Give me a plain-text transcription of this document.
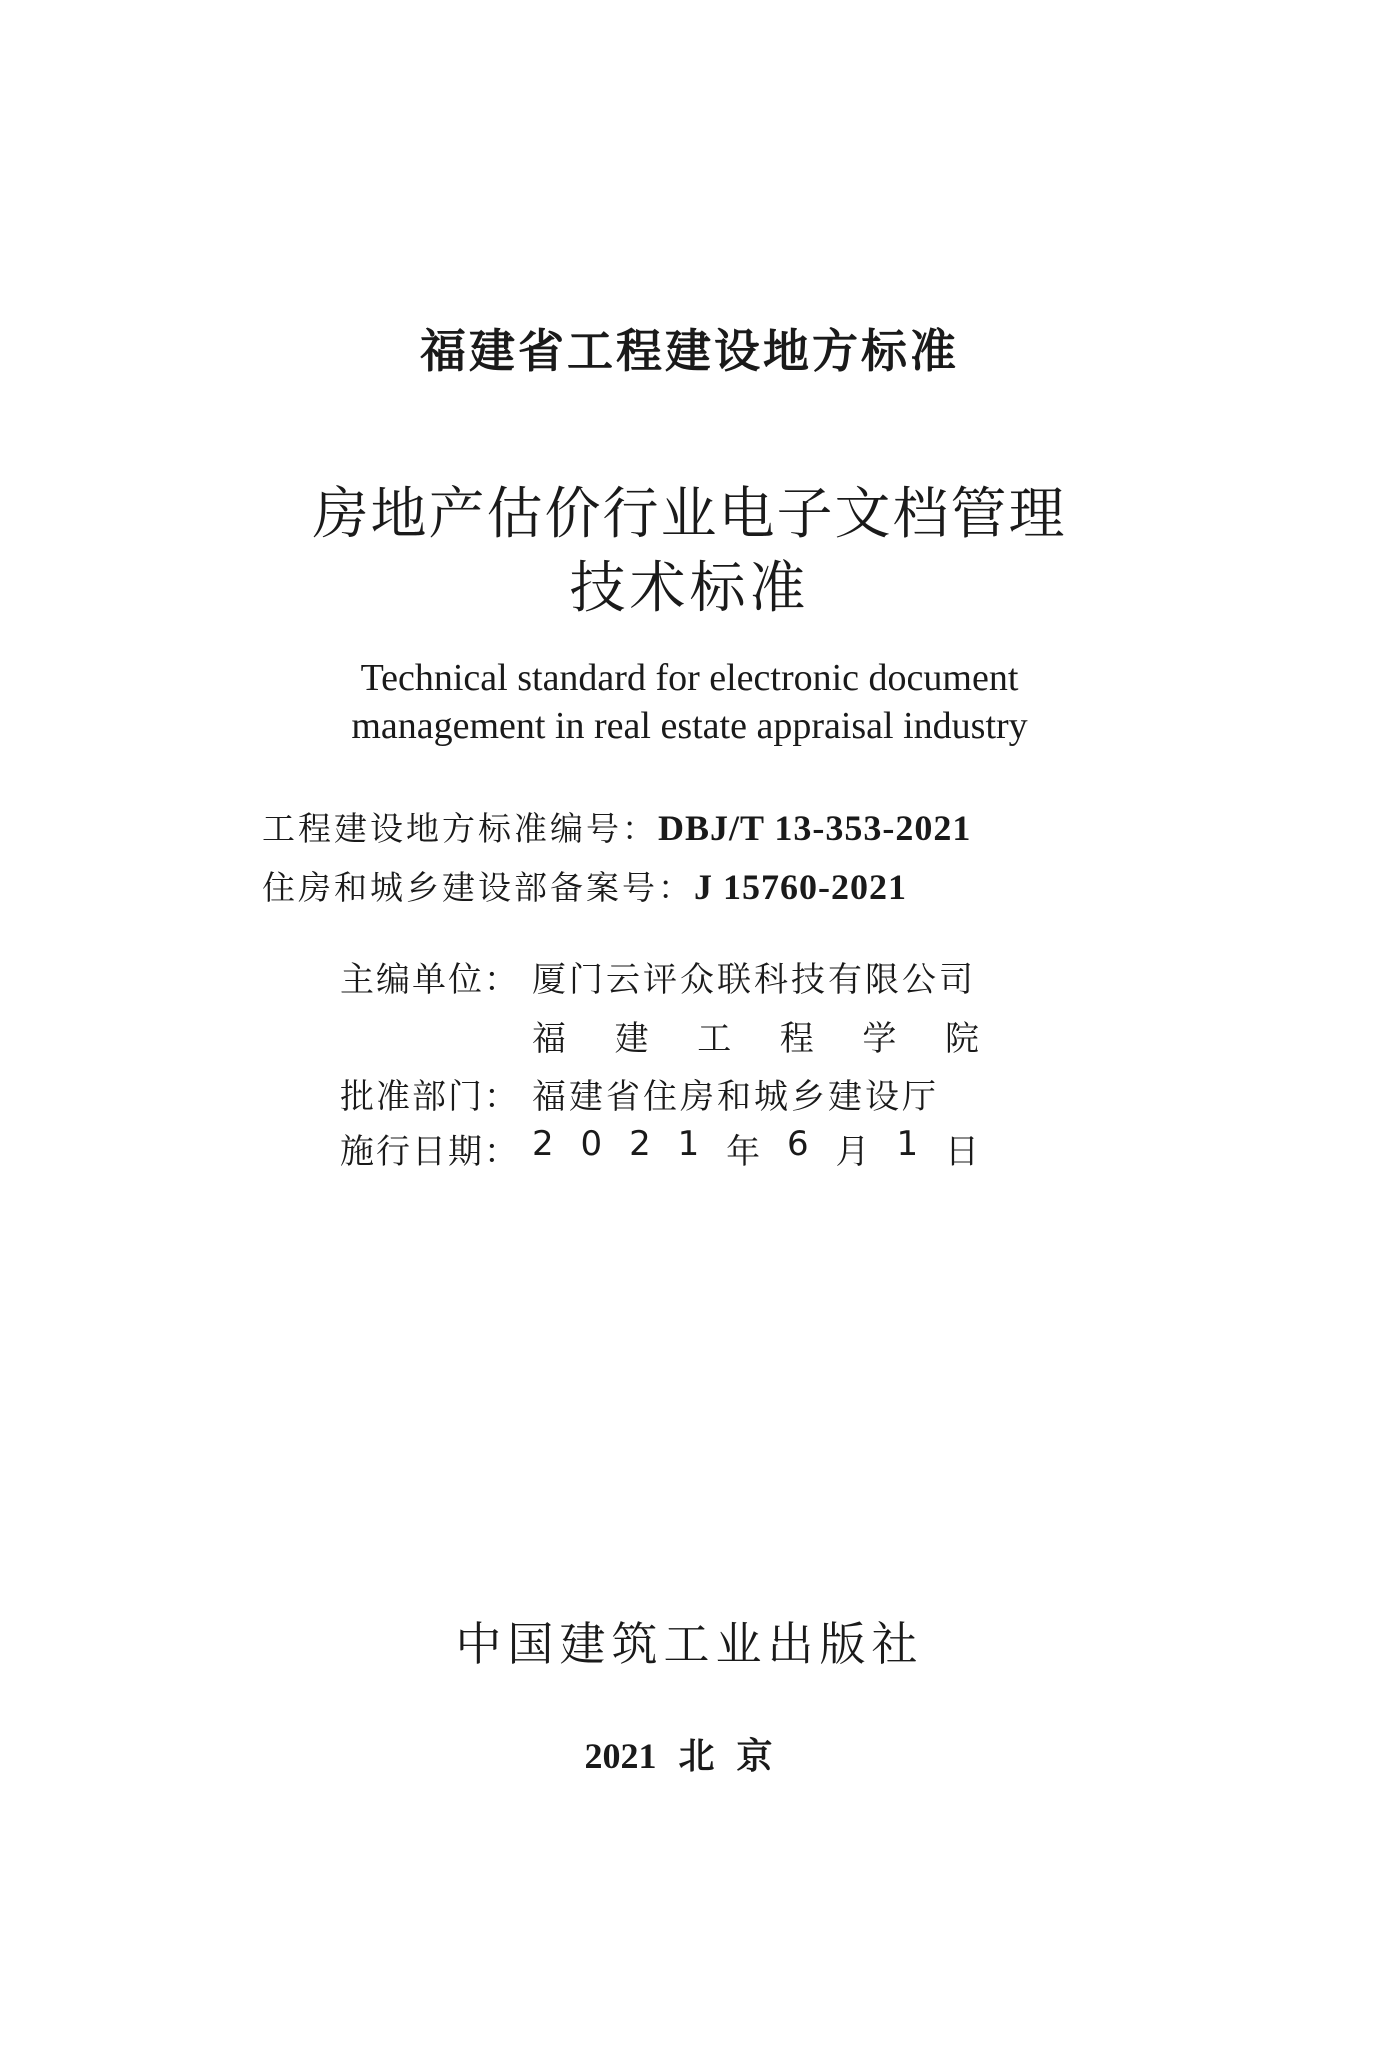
福建省工程建设地方标准
房地产估价行业电子文档管理
技术标准
Technical standard for electronic document
management in real estate appraisal industry
工程建设地方标准编号：DBJ/T 13-353-2021
住房和城乡建设部备案号：J 15760-2021
主编单位： 厦门云评众联科技有限公司
福 建 工 程 学 院
批准部门： 福建省住房和城乡建设厅
施行日期： 2 0 2 1 年 6 月 1 日
中国建筑工业出版社
2021 北京
